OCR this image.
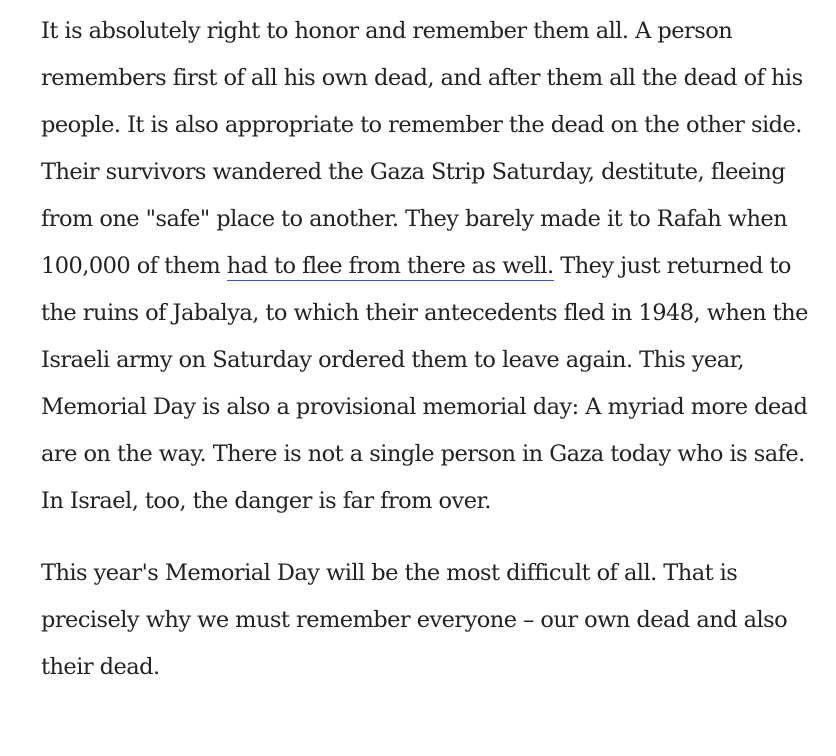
It is absolutely right to honor and remember them all. A person remembers first of all his own dead, and after them all the dead of his people. It is also appropriate to remember the dead on the other side. Their survivors wandered the Gaza Strip Saturday, destitute, fleeing from one "safe" place to another. They barely made it to Rafah when 100,000 of them had to flee from there as well. They just returned to the ruins of Jabalya, to which their antecedents fled in 1948, when the Israeli army on Saturday ordered them to leave again. This year, Memorial Day is also a provisional memorial day: A myriad more dead are on the way. There is not a single person in Gaza today who is safe. In Israel, too, the danger is far from over.

This year's Memorial Day will be the most difficult of all. That is precisely why we must remember everyone – our own dead and also their dead.
